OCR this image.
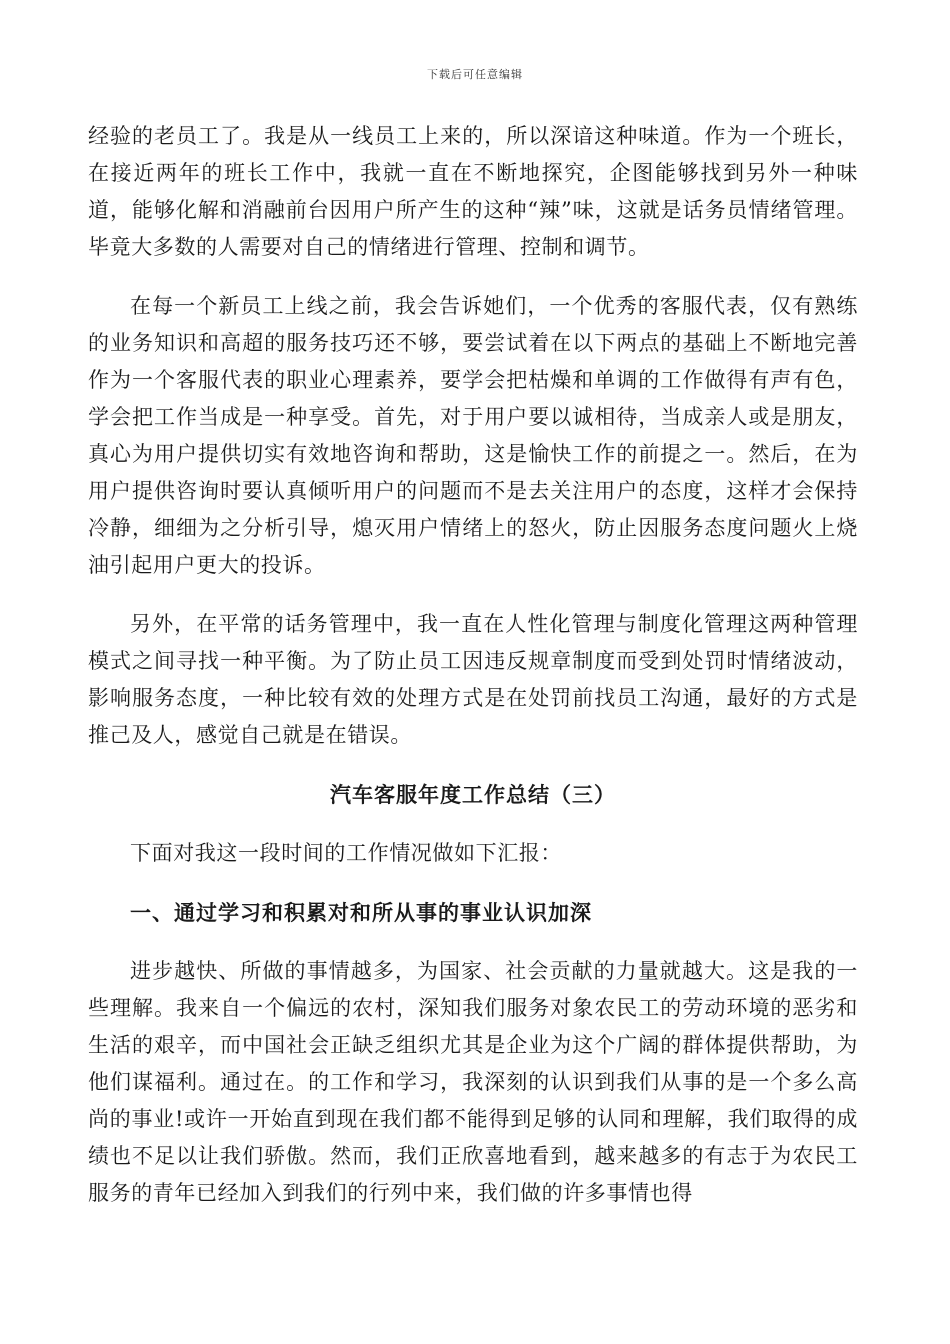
下载后可任意编辑

经验的老员工了。我是从一线员工上来的，所以深谙这种味道。作为一个班长，在接近两年的班长工作中，我就一直在不断地探究，企图能够找到另外一种味道，能够化解和消融前台因用户所产生的这种“辣”味，这就是话务员情绪管理。毕竟大多数的人需要对自己的情绪进行管理、控制和调节。

在每一个新员工上线之前，我会告诉她们，一个优秀的客服代表，仅有熟练的业务知识和高超的服务技巧还不够，要尝试着在以下两点的基础上不断地完善作为一个客服代表的职业心理素养，要学会把枯燥和单调的工作做得有声有色，学会把工作当成是一种享受。首先，对于用户要以诚相待，当成亲人或是朋友，真心为用户提供切实有效地咨询和帮助，这是愉快工作的前提之一。然后，在为用户提供咨询时要认真倾听用户的问题而不是去关注用户的态度，这样才会保持冷静，细细为之分析引导，熄灭用户情绪上的怒火，防止因服务态度问题火上烧油引起用户更大的投诉。

另外，在平常的话务管理中，我一直在人性化管理与制度化管理这两种管理模式之间寻找一种平衡。为了防止员工因违反规章制度而受到处罚时情绪波动，影响服务态度，一种比较有效的处理方式是在处罚前找员工沟通，最好的方式是推己及人，感觉自己就是在错误。

汽车客服年度工作总结（三）

下面对我这一段时间的工作情况做如下汇报：

一、通过学习和积累对和所从事的事业认识加深

进步越快、所做的事情越多，为国家、社会贡献的力量就越大。这是我的一些理解。我来自一个偏远的农村，深知我们服务对象农民工的劳动环境的恶劣和生活的艰辛，而中国社会正缺乏组织尤其是企业为这个广阔的群体提供帮助，为他们谋福利。通过在。的工作和学习，我深刻的认识到我们从事的是一个多么高尚的事业!或许一开始直到现在我们都不能得到足够的认同和理解，我们取得的成绩也不足以让我们骄傲。然而，我们正欣喜地看到，越来越多的有志于为农民工服务的青年已经加入到我们的行列中来，我们做的许多事情也得
